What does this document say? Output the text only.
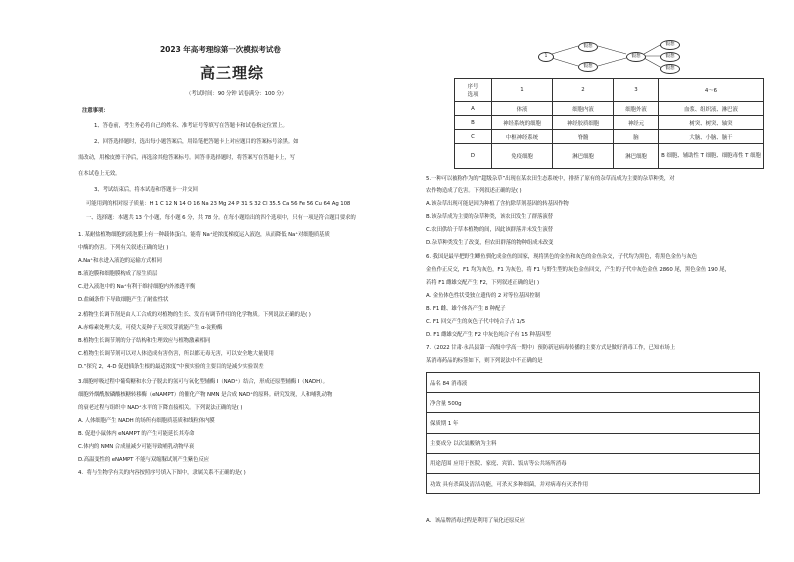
2023 年高考理综第一次模拟考试卷
高三理综
（考试时间：90 分钟 试卷满分：100 分）
注意事项：
1、答卷前，考生务必将自己的姓名、准考证号等填写在答题卡和试卷指定位置上。
2、回答选择题时，选出每小题答案后，用铅笔把答题卡上对应题目的答案标号涂黑。如
需改动，用橡皮擦干净后，再选涂其他答案标号。回答非选择题时，将答案写在答题卡上，写
在本试卷上无效。
3、考试结束后，将本试卷和答题卡一并交回
可能用到的相对原子质量：H 1 C 12 N 14 O 16 Na 23 Mg 24 P 31 S 32 Cl 35.5 Ca 56 Fe 56 Cu 64 Ag 108
一、选择题：本题共 13 个小题，每小题 6 分，共 78 分。在每小题给出的四个选项中，只有一项是符合题目要求的
1. 某耐盐植物细胞的液泡膜上有一种载体蛋白，能将 Na⁺逆浓度梯度运入液泡，从而降低 Na⁺对细胞质基质
中酶的伤害。下列有关叙述正确的是( )
A.Na⁺和水进入液泡的运输方式相同
B.液泡膜和细胞膜构成了原生质层
C.进入液泡中的 Na⁺有利于维持细胞内外渗透平衡
D.盐碱条件下导致细胞产生了耐盐性状
2.植物生长调节剂是由人工合成的对植物的生长、发育有调节作用的化学物质。下列说法正确的是( )
A.赤霉素处理大麦，可使大麦种子无须发芽就能产生 α-淀粉酶
B.植物生长调节剂的分子结构和生理效应与植物激素相同
C.植物生长调节剂可以对人体造成有害伤害，所以都无毒无害，可以安全地大量使用
D.“探究 2，4-D 促进插条生根的最适浓度”中预实验的主要目的是减少实验误差
3.细胞呼吸过程中葡萄糖和水分子脱去的氢可与氧化型辅酶 I（NAD⁺）结合，形成还原型辅酶 I（NADH）。
细胞外烟酰胺磷酸核糖转移酶（eNAMPT）的催化产物 NMN 是合成 NAD⁺的原料。研究发现，人和哺乳动物
的衰老过程与组织中 NAD⁺水平的下降直接相关。下列说法正确的是( )
A. 人体细胞产生 NADH 的场所有细胞质基质和线粒体内膜
B. 促进小鼠体内 eNAMPT 的产生可能延长其寿命
C.体内的 NMN 合成量减少可能导致哺乳动物早衰
D.高温变性的 eNAMPT 不能与双缩脲试剂产生紫色反应
4．将与生物学有关的内容按照序号填入下图中，隶属关系不正确的是( )
1
假想
假想
假想
假想
假想
假想
序号
选项	1	2	3	4～6
A	体液	细胞内液	细胞外液	血浆、组织液、淋巴液
B	神经系统的细胞	神经胶质细胞	神经元	树突、树突、轴突
C	中枢神经系统	脊髓	脑	大脑、小脑、脑干
D	免疫细胞	淋巴细胞	淋巴细胞	B 细胞、辅助性 T 细胞、细胞毒性 T 细胞
5.一种可以被称作为的“超级杂草”出现在某农田生态系统中，排挤了原有的杂草而成为主要的杂草种类，对
农作物造成了危害。下列叙述正确的是( )
A.该杂草出现可能是因为种植了含抗除草剂基因的转基因作物
B.该杂草成为主要的杂草种类，该农田发生了群落演替
C.农田供给于草本植物的间，因此该群落并未发生演替
D.杂草种类发生了改变，但农田群落的物种组成未改变
6. 我国是最早把野生鲫鱼驯化成金鱼的国家，现将黑色的金鱼和灰色的金鱼杂交，子代均为黑色，将黑色金鱼与灰色
金鱼作正反交，F1 均为灰色，F1 为灰色，将 F1 与野生型的灰色金鱼回交，产生的子代中灰色金鱼 2860 尾，黑色金鱼 190 尾，
若将 F1 雌雄交配产生 F2，下列叙述正确的是( )
A. 金鱼体色性状受独立遗传的 2 对等位基因控制
B. F1 雌、雄个体各产生 8 种配子
C. F1 回交产生的灰色子代中纯合子占 1/5
D. F1 雌雄交配产生 F2 中灰色纯合子有 15 种基因型
7.（2022 甘肃·永昌县第一高级中学高一期中）预防新冠病毒传播的主要方式是做好消毒工作，已知市场上
某消毒药品的标签如下，则下列说法中不正确的是
品名 84 消毒液
净含量 500g
保质期 1 年
主要成分 以次氯酸钠为主料
用途范围 应用于医院、家庭、宾馆、饭店等公共场所消毒
功效 具有杀菌及清洁功能，可杀灭多种细菌，并对病毒有灭杀作用
A．该品牌消毒过程是利用了氧化还原反应
